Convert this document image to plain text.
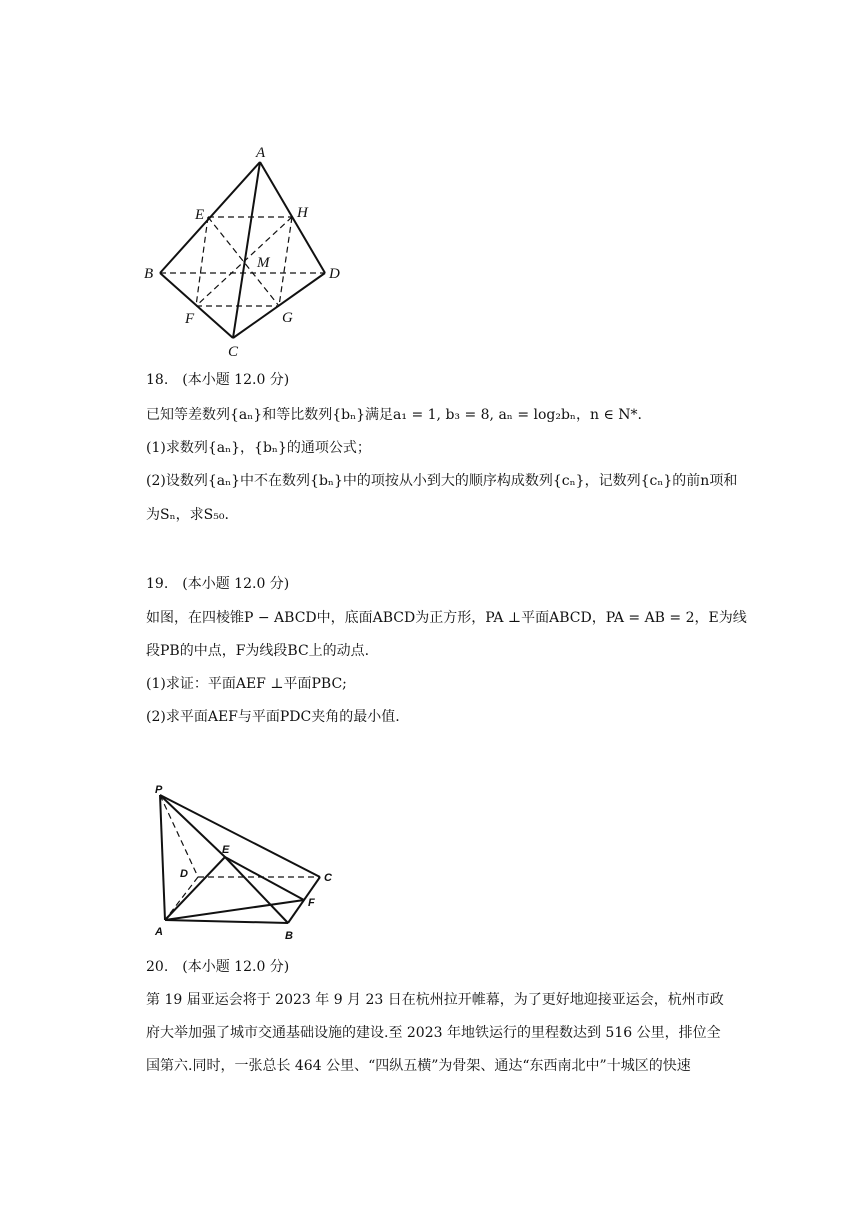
A
E	H
B
M
D
F	G
C
18.　(本小题 12.0 分)
已知等差数列{aₙ}和等比数列{bₙ}满足a₁ = 1, b₃ = 8, aₙ = log₂bₙ，n ∈ N*.
(1)求数列{aₙ}，{bₙ}的通项公式；
(2)设数列{aₙ}中不在数列{bₙ}中的项按从小到大的顺序构成数列{cₙ}，记数列{cₙ}的前n项和
为Sₙ，求S₅₀.
19.　(本小题 12.0 分)
如图，在四棱锥P − ABCD中，底面ABCD为正方形，PA ⊥平面ABCD，PA = AB = 2，E为线
段PB的中点，F为线段BC上的动点.
(1)求证：平面AEF ⊥平面PBC;
(2)求平面AEF与平面PDC夹角的最小值.
P
E
D	C
F
A	B
20.　(本小题 12.0 分)
第 19 届亚运会将于 2023 年 9 月 23 日在杭州拉开帷幕，为了更好地迎接亚运会，杭州市政
府大举加强了城市交通基础设施的建设.至 2023 年地铁运行的里程数达到 516 公里，排位全
国第六.同时，一张总长 464 公里、“四纵五横”为骨架、通达“东西南北中”十城区的快速
